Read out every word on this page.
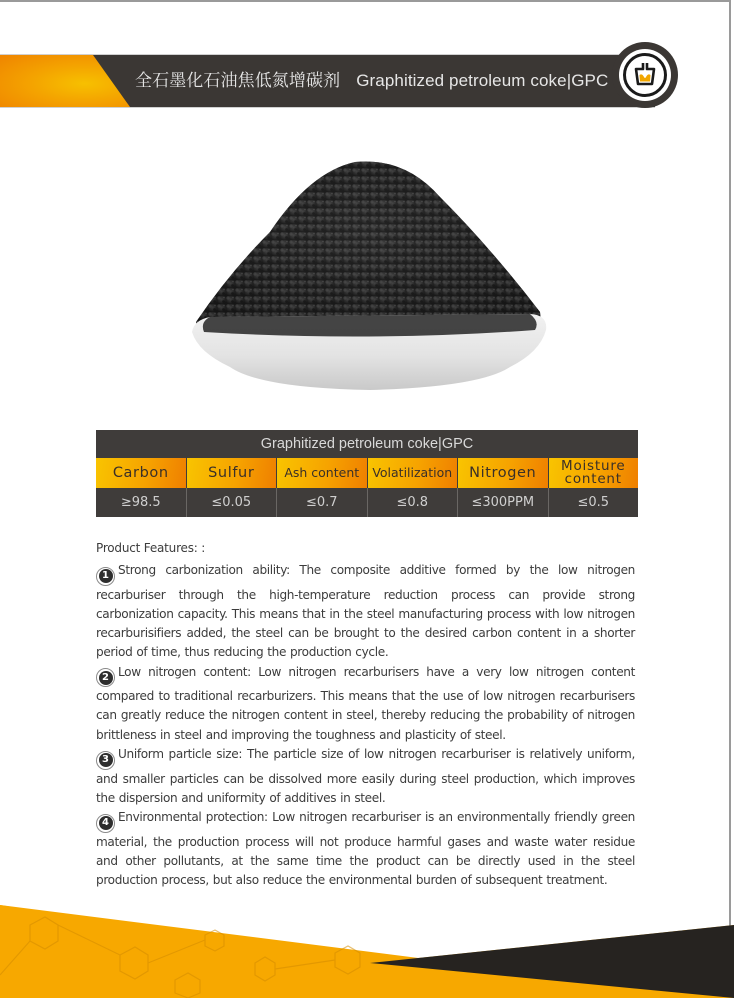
全石墨化石油焦低氮增碳剂 Graphitized petroleum coke|GPC
Graphitized petroleum coke|GPC
Carbon	Sulfur	Ash content	Volatilization	Nitrogen	Moisture
content
≥98.5	≤0.05	≤0.7	≤0.8	≤300PPM	≤0.5
Product Features: :
1 Strong carbonization ability: The composite additive formed by the low nitrogen recarburiser through the high-temperature reduction process can provide strong carbonization capacity. This means that in the steel manufacturing process with low nitrogen recarburisifiers added, the steel can be brought to the desired carbon content in a shorter period of time, thus reducing the production cycle.
2 Low nitrogen content: Low nitrogen recarburisers have a very low nitrogen content compared to traditional recarburizers. This means that the use of low nitrogen recarburisers can greatly reduce the nitrogen content in steel, thereby reducing the probability of nitrogen brittleness in steel and improving the toughness and plasticity of steel.
3 Uniform particle size: The particle size of low nitrogen recarburiser is relatively uniform, and smaller particles can be dissolved more easily during steel production, which improves the dispersion and uniformity of additives in steel.
4 Environmental protection: Low nitrogen recarburiser is an environmentally friendly green material, the production process will not produce harmful gases and waste water residue and other pollutants, at the same time the product can be directly used in the steel production process, but also reduce the environmental burden of subsequent treatment.
